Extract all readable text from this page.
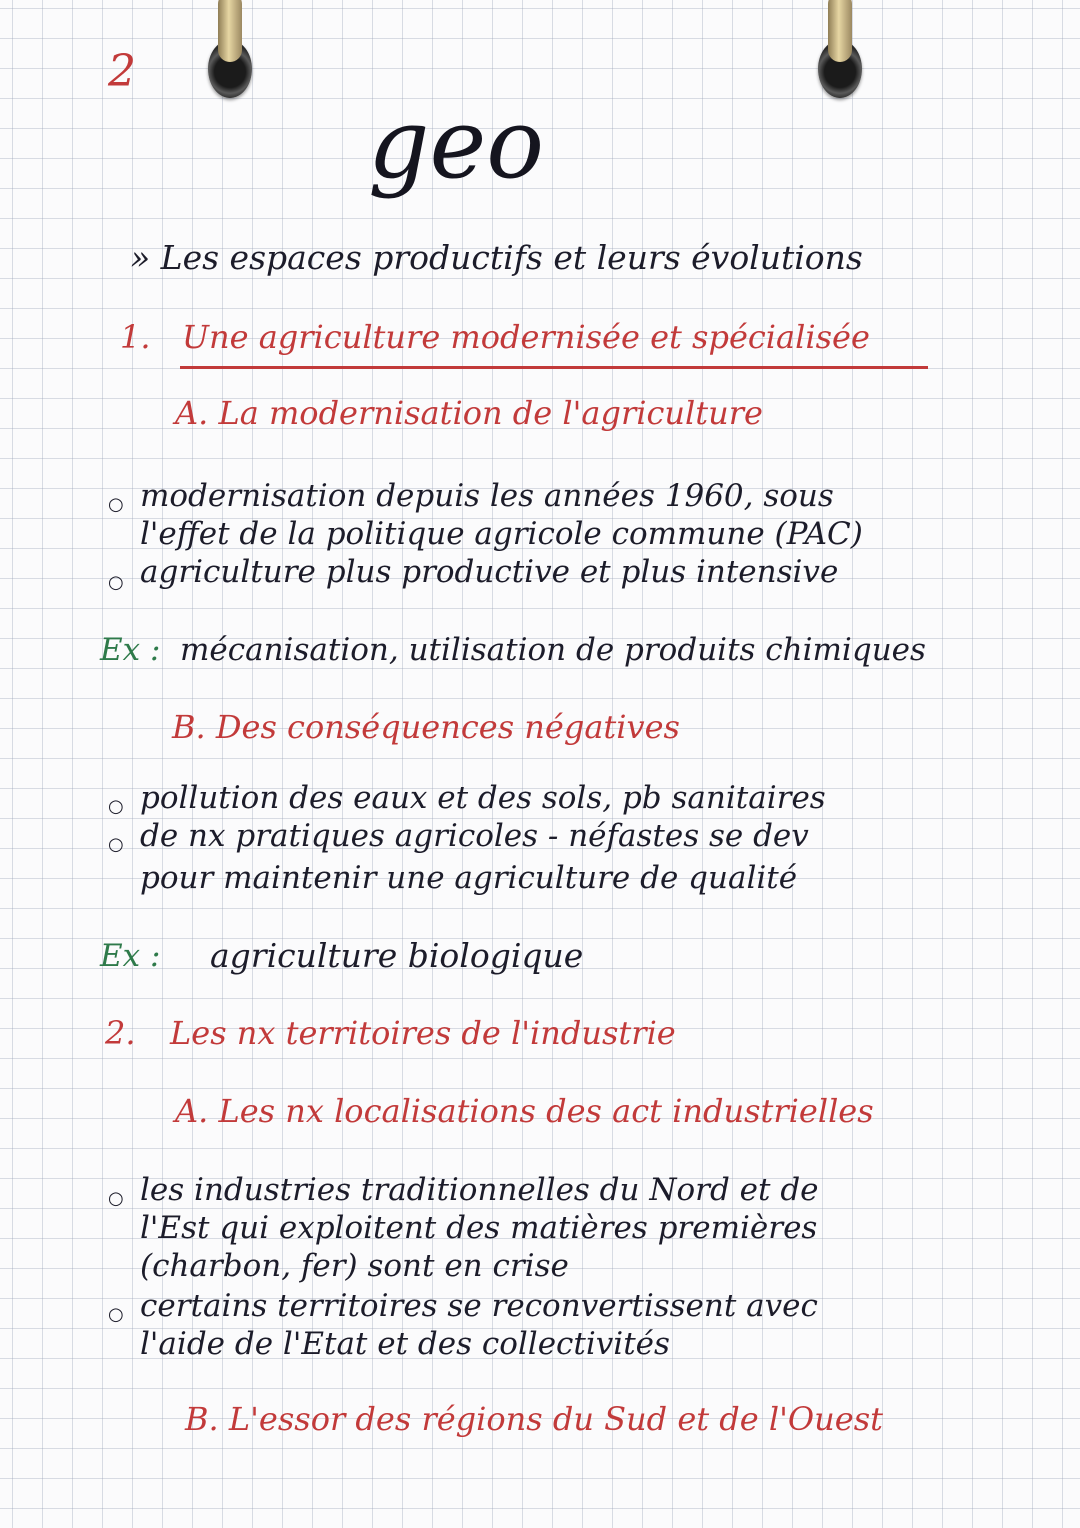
2
geo
» Les espaces productifs et leurs évolutions
1. Une agriculture modernisée et spécialisée
A. La modernisation de l'agriculture
○ modernisation depuis les années 1960, sous
l'effet de la politique agricole commune (PAC)
○ agriculture plus productive et plus intensive
Ex : mécanisation, utilisation de produits chimiques
B. Des conséquences négatives
○ pollution des eaux et des sols, pb sanitaires
○ de nx pratiques agricoles - néfastes se dev
pour maintenir une agriculture de qualité
Ex : agriculture biologique
2. Les nx territoires de l'industrie
A. Les nx localisations des act industrielles
○ les industries traditionnelles du Nord et de
l'Est qui exploitent des matières premières
(charbon, fer) sont en crise
○ certains territoires se reconvertissent avec
l'aide de l'Etat et des collectivités
B. L'essor des régions du Sud et de l'Ouest
